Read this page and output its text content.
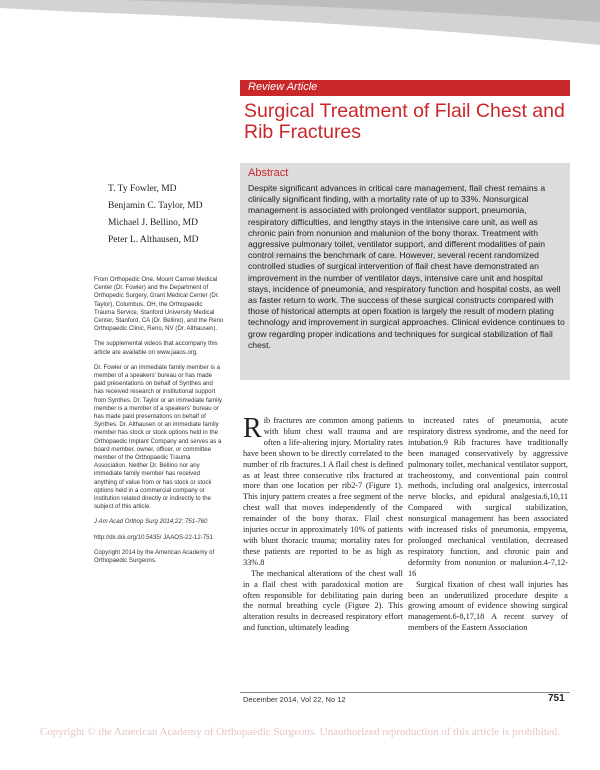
Review Article
Surgical Treatment of Flail Chest and Rib Fractures
T. Ty Fowler, MD
Benjamin C. Taylor, MD
Michael J. Bellino, MD
Peter L. Althausen, MD
Abstract
Despite significant advances in critical care management, flail chest remains a clinically significant finding, with a mortality rate of up to 33%. Nonsurgical management is associated with prolonged ventilator support, pneumonia, respiratory difficulties, and lengthy stays in the intensive care unit, as well as chronic pain from nonunion and malunion of the bony thorax. Treatment with aggressive pulmonary toilet, ventilator support, and different modalities of pain control remains the benchmark of care. However, several recent randomized controlled studies of surgical intervention of flail chest have demonstrated an improvement in the number of ventilator days, intensive care unit and hospital stays, incidence of pneumonia, and respiratory function and hospital costs, as well as faster return to work. The success of these surgical constructs compared with those of historical attempts at open fixation is largely the result of modern plating technology and improvement in surgical approaches. Clinical evidence continues to grow regarding proper indications and techniques for surgical stabilization of flail chest.

From Orthopedic One, Mount Carmel Medical Center (Dr. Fowler) and the Department of Orthopedic Surgery, Grant Medical Center (Dr. Taylor), Columbus, OH, the Orthopaedic Trauma Service, Stanford University Medical Center, Stanford, CA (Dr. Bellino), and the Reno Orthopaedic Clinic, Reno, NV (Dr. Althausen).

The supplemental videos that accompany this article are available on www.jaaos.org.

Dr. Fowler or an immediate family member is a member of a speakers' bureau or has made paid presentations on behalf of Synthes and has received research or institutional support from Synthes. Dr. Taylor or an immediate family member is a member of a speakers' bureau or has made paid presentations on behalf of Synthes. Dr. Althausen or an immediate family member has stock or stock options held in the Orthopaedic Implant Company and serves as a board member, owner, officer, or committee member of the Orthopaedic Trauma Association. Neither Dr. Bellino nor any immediate family member has received anything of value from or has stock or stock options held in a commercial company or institution related directly or indirectly to the subject of this article.

J Am Acad Orthop Surg 2014;22: 751-760

http://dx.doi.org/10.5435/ JAAOS-22-12-751

Copyright 2014 by the American Academy of Orthopaedic Surgeons.

R ib fractures are common among patients with blunt chest wall trauma and are often a life-altering injury. Mortality rates have been shown to be directly correlated to the number of rib fractures.1 A flail chest is defined as at least three consecutive ribs fractured at more than one location per rib2-7 (Figure 1). This injury pattern creates a free segment of the chest wall that moves independently of the remainder of the bony thorax. Flail chest injuries occur in approximately 10% of patients with blunt thoracic trauma; mortality rates for these patients are reported to be as high as 33%.8

The mechanical alterations of the chest wall in a flail chest with paradoxical motion are often responsible for debilitating pain during the normal breathing cycle (Figure 2). This alteration results in decreased respiratory effort and function, ultimately leading

to increased rates of pneumonia, acute respiratory distress syndrome, and the need for intubation.9 Rib fractures have traditionally been managed conservatively by aggressive pulmonary toilet, mechanical ventilator support, tracheostomy, and conventional pain control methods, including oral analgesics, intercostal nerve blocks, and epidural analgesia.6,10,11 Compared with surgical stabilization, nonsurgical management has been associated with increased risks of pneumonia, empyema, prolonged mechanical ventilation, decreased respiratory function, and chronic pain and deformity from nonunion or malunion.4-7,12-16

Surgical fixation of chest wall injuries has been an underutilized procedure despite a growing amount of evidence showing surgical management.6-8,17,18 A recent survey of members of the Eastern Association

December 2014, Vol 22, No 12	751
Copyright © the American Academy of Orthopaedic Surgeons. Unauthorized reproduction of this article is prohibited.
